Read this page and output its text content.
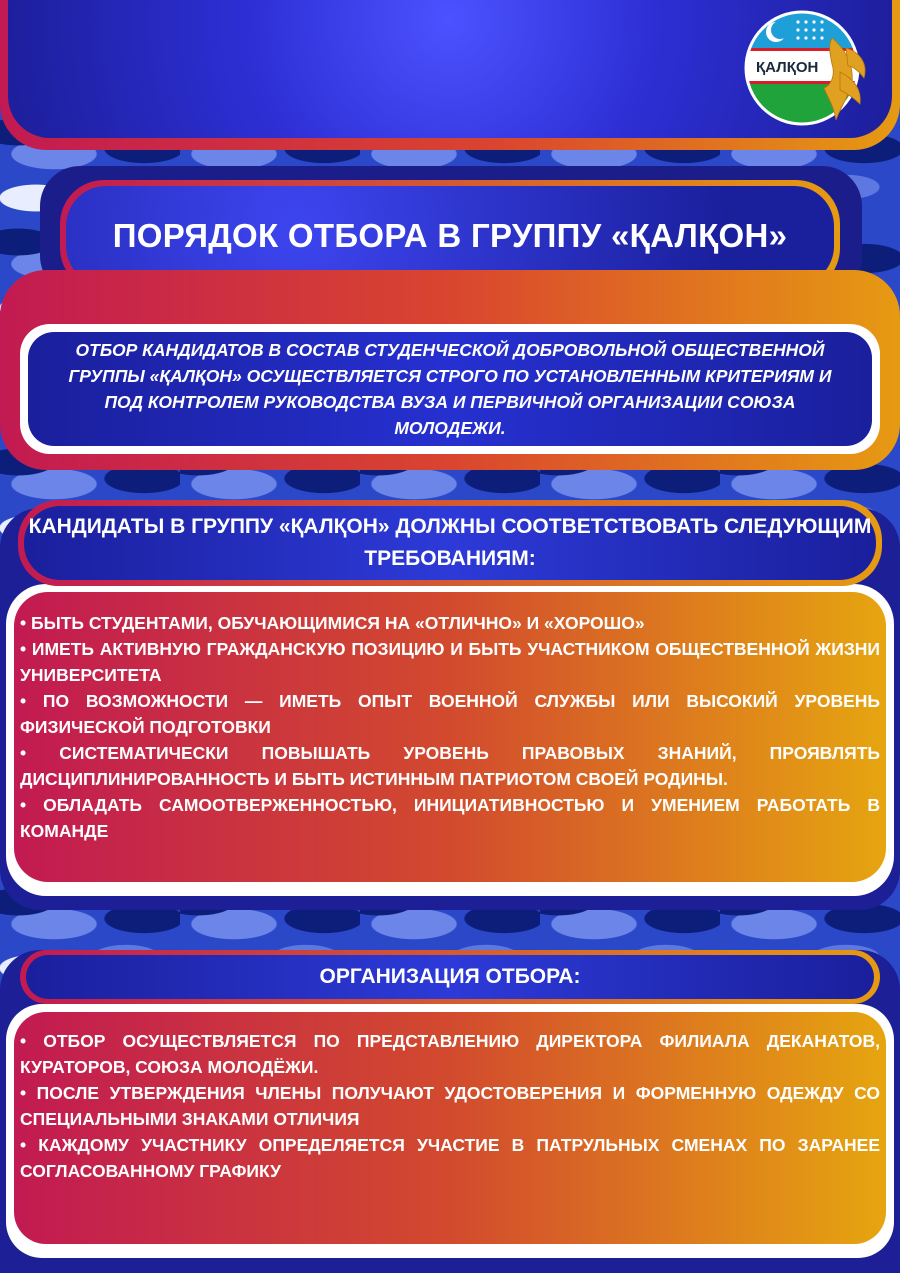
ҚАЛҚОН
ПОРЯДОК ОТБОРА В ГРУППУ «ҚАЛҚОН»
ОТБОР КАНДИДАТОВ В СОСТАВ СТУДЕНЧЕСКОЙ ДОБРОВОЛЬНОЙ ОБЩЕСТВЕННОЙ ГРУППЫ «ҚАЛҚОН» ОСУЩЕСТВЛЯЕТСЯ СТРОГО ПО УСТАНОВЛЕННЫМ КРИТЕРИЯМ И ПОД КОНТРОЛЕМ РУКОВОДСТВА ВУЗА И ПЕРВИЧНОЙ ОРГАНИЗАЦИИ СОЮЗА МОЛОДЕЖИ.

• БЫТЬ СТУДЕНТАМИ, ОБУЧАЮЩИМИСЯ НА «ОТЛИЧНО» И «ХОРОШО»

• ИМЕТЬ АКТИВНУЮ ГРАЖДАНСКУЮ ПОЗИЦИЮ И БЫТЬ УЧАСТНИКОМ ОБЩЕСТВЕННОЙ ЖИЗНИ УНИВЕРСИТЕТА

• ПО ВОЗМОЖНОСТИ — ИМЕТЬ ОПЫТ ВОЕННОЙ СЛУЖБЫ ИЛИ ВЫСОКИЙ УРОВЕНЬ ФИЗИЧЕСКОЙ ПОДГОТОВКИ

• СИСТЕМАТИЧЕСКИ ПОВЫШАТЬ УРОВЕНЬ ПРАВОВЫХ ЗНАНИЙ, ПРОЯВЛЯТЬ ДИСЦИПЛИНИРОВАННОСТЬ И БЫТЬ ИСТИННЫМ ПАТРИОТОМ СВОЕЙ РОДИНЫ.

• ОБЛАДАТЬ САМООТВЕРЖЕННОСТЬЮ, ИНИЦИАТИВНОСТЬЮ И УМЕНИЕМ РАБОТАТЬ В КОМАНДЕ

КАНДИДАТЫ В ГРУППУ «ҚАЛҚОН» ДОЛЖНЫ СООТВЕТСТВОВАТЬ СЛЕДУЮЩИМ ТРЕБОВАНИЯМ:

• ОТБОР ОСУЩЕСТВЛЯЕТСЯ ПО ПРЕДСТАВЛЕНИЮ ДИРЕКТОРА ФИЛИАЛА ДЕКАНАТОВ, КУРАТОРОВ, СОЮЗА МОЛОДЁЖИ.

• ПОСЛЕ УТВЕРЖДЕНИЯ ЧЛЕНЫ ПОЛУЧАЮТ УДОСТОВЕРЕНИЯ И ФОРМЕННУЮ ОДЕЖДУ СО СПЕЦИАЛЬНЫМИ ЗНАКАМИ ОТЛИЧИЯ

• КАЖДОМУ УЧАСТНИКУ ОПРЕДЕЛЯЕТСЯ УЧАСТИЕ В ПАТРУЛЬНЫХ СМЕНАХ ПО ЗАРАНЕЕ СОГЛАСОВАННОМУ ГРАФИКУ

ОРГАНИЗАЦИЯ ОТБОРА:
